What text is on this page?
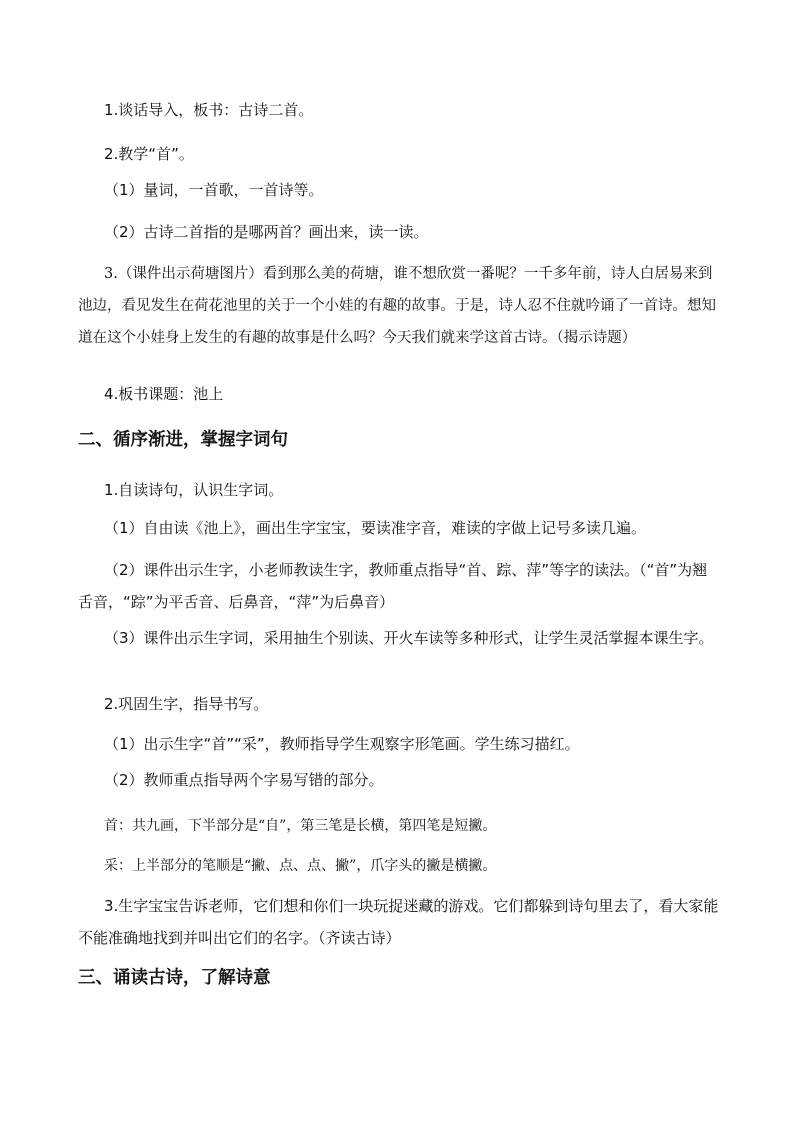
1.谈话导入，板书：古诗二首。
2.教学“首”。
（1）量词，一首歌，一首诗等。
（2）古诗二首指的是哪两首？画出来，读一读。
3.（课件出示荷塘图片）看到那么美的荷塘，谁不想欣赏一番呢？一千多年前，诗人白居易来到池边，看见发生在荷花池里的关于一个小娃的有趣的故事。于是，诗人忍不住就吟诵了一首诗。想知道在这个小娃身上发生的有趣的故事是什么吗？今天我们就来学这首古诗。（揭示诗题）
4.板书课题：池上
二、循序渐进，掌握字词句
1.自读诗句，认识生字词。
（1）自由读《池上》，画出生字宝宝，要读准字音，难读的字做上记号多读几遍。
（2）课件出示生字，小老师教读生字，教师重点指导“首、踪、萍”等字的读法。（“首”为翘舌音，“踪”为平舌音、后鼻音，“萍”为后鼻音）
（3）课件出示生字词，采用抽生个别读、开火车读等多种形式，让学生灵活掌握本课生字。
2.巩固生字，指导书写。
（1）出示生字“首”“采”，教师指导学生观察字形笔画。学生练习描红。
（2）教师重点指导两个字易写错的部分。
首：共九画，下半部分是“自”，第三笔是长横，第四笔是短撇。
采：上半部分的笔顺是“撇、点、点、撇”，爪字头的撇是横撇。
3.生字宝宝告诉老师，它们想和你们一块玩捉迷藏的游戏。它们都躲到诗句里去了，看大家能不能准确地找到并叫出它们的名字。（齐读古诗）
三、诵读古诗，了解诗意
